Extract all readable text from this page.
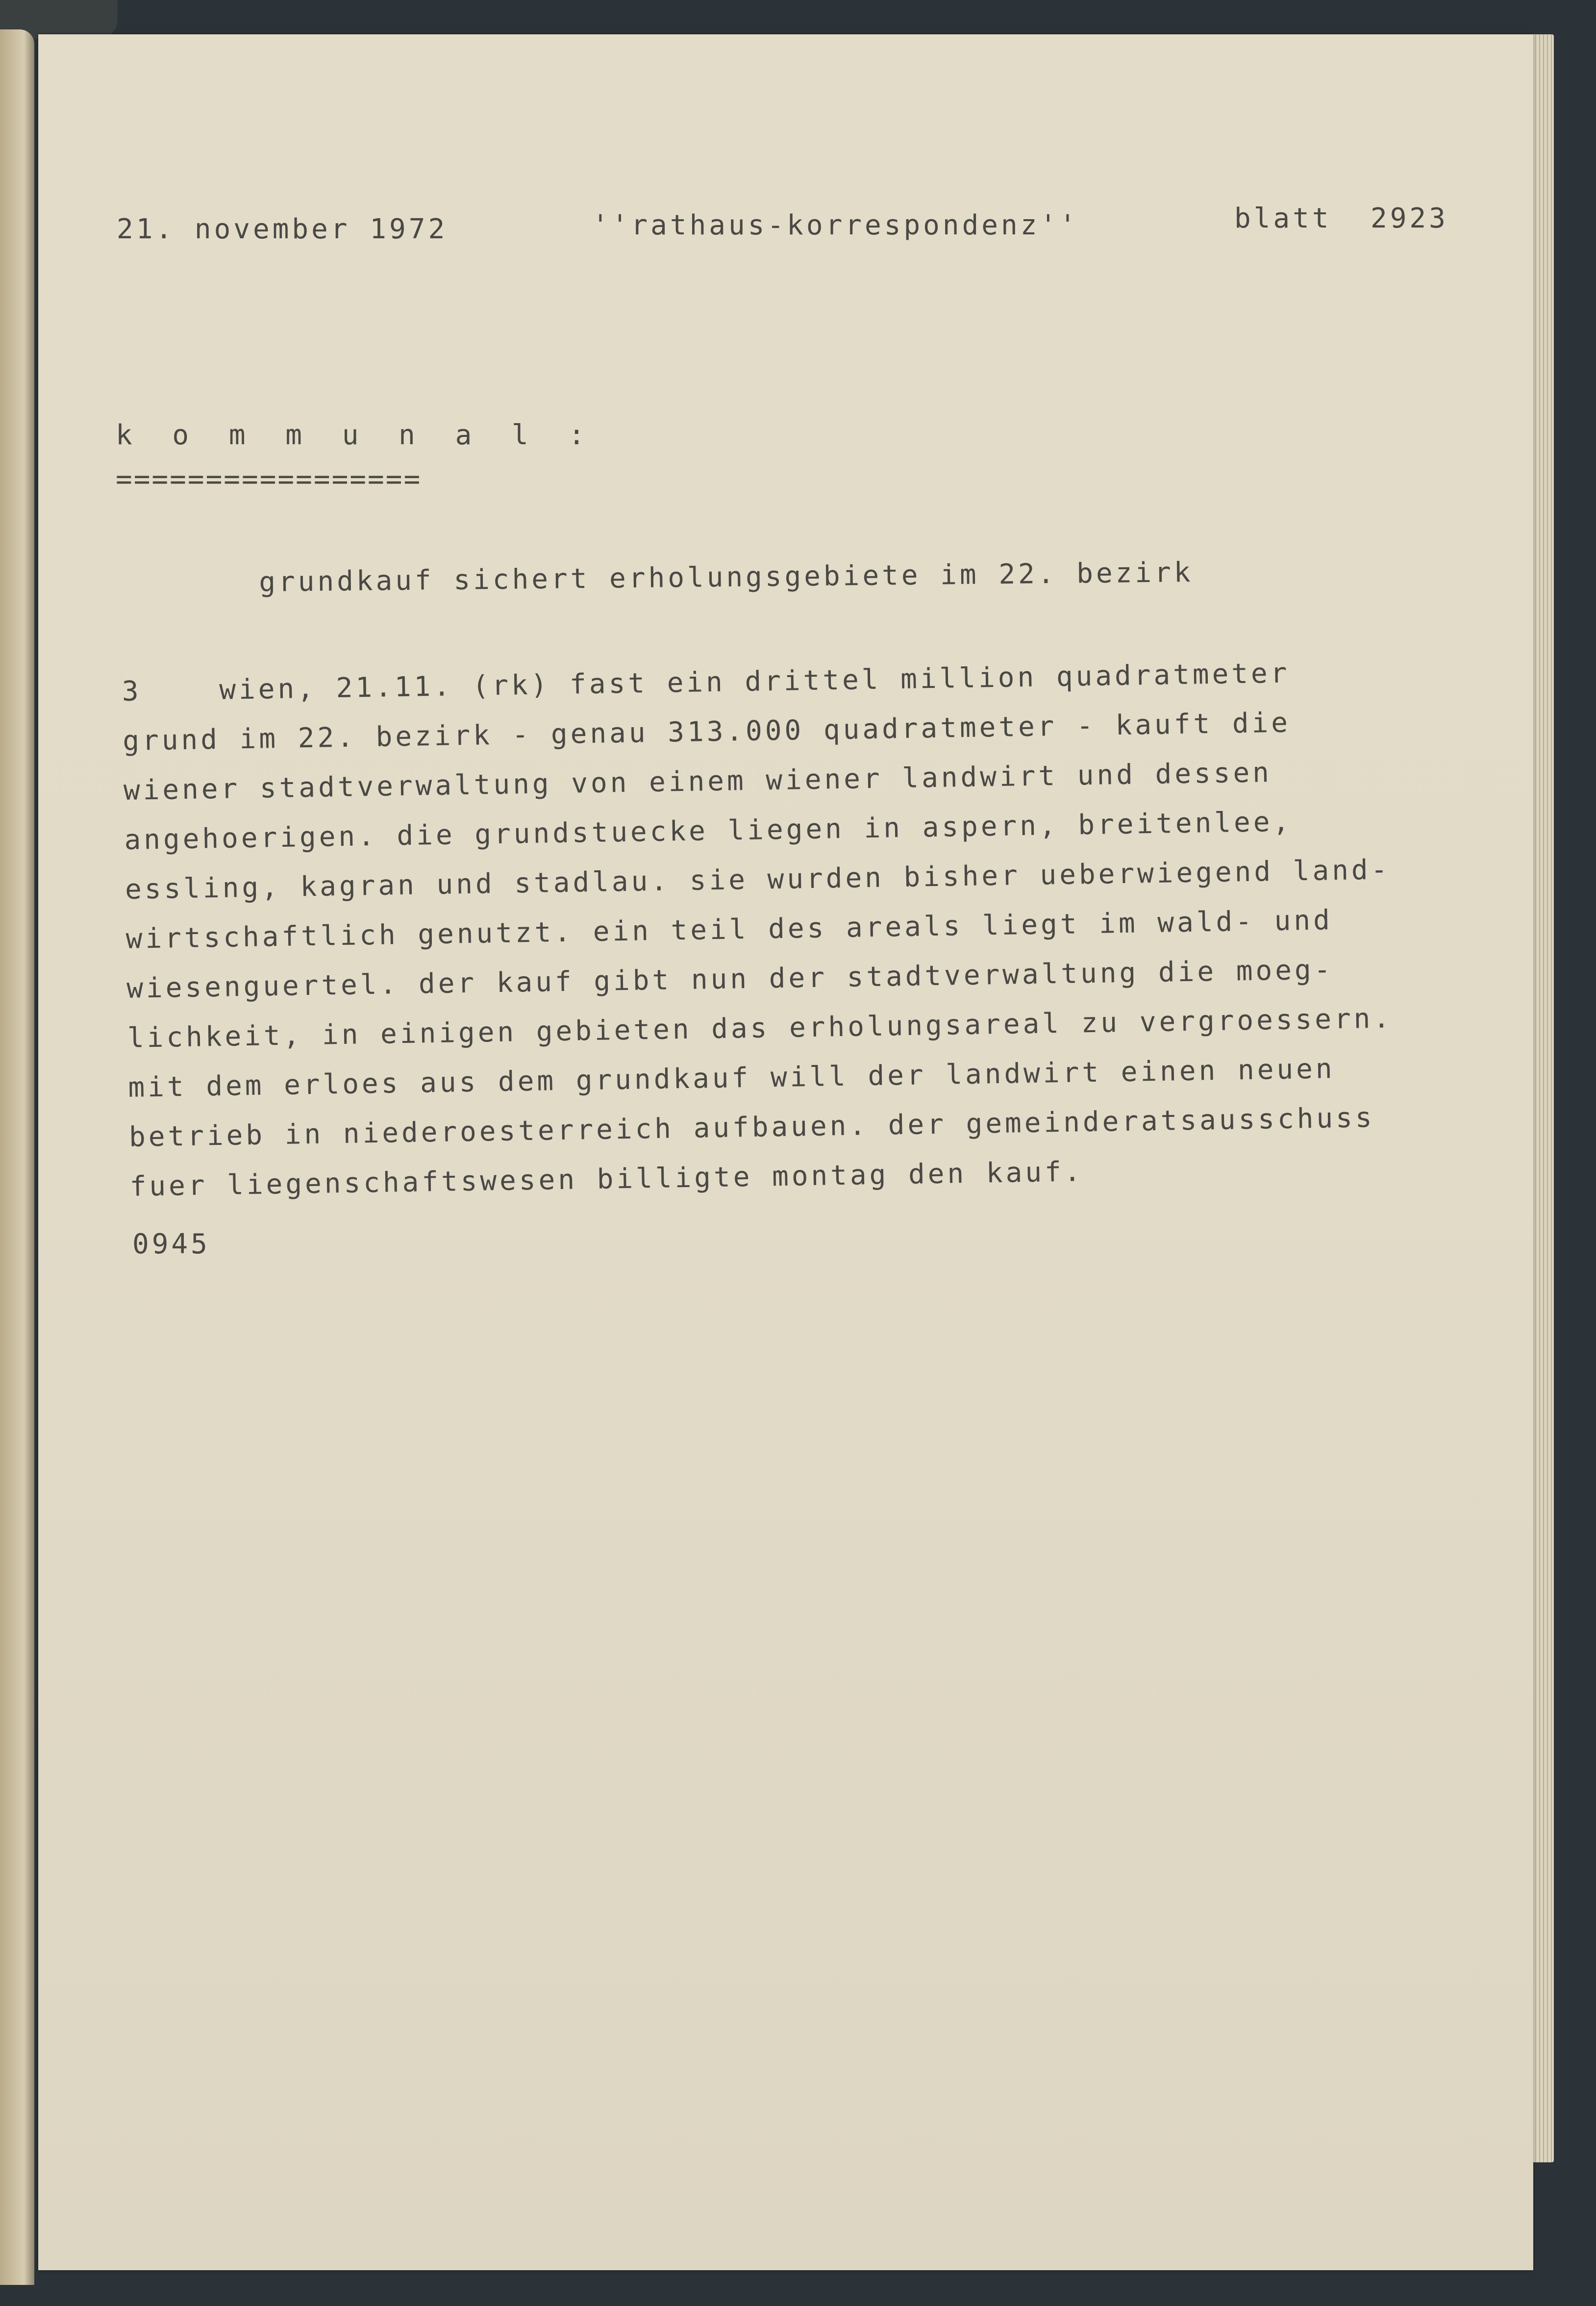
21. november 1972	''rathaus-korrespondenz''	blatt  2923
k o m m u n a l :
=================
grundkauf sichert erholungsgebiete im 22. bezirk
3    wien, 21.11. (rk) fast ein drittel million quadratmeter
grund im 22. bezirk - genau 313.000 quadratmeter - kauft die
wiener stadtverwaltung von einem wiener landwirt und dessen
angehoerigen. die grundstuecke liegen in aspern, breitenlee,
essling, kagran und stadlau. sie wurden bisher ueberwiegend land-
wirtschaftlich genutzt. ein teil des areals liegt im wald- und
wiesenguertel. der kauf gibt nun der stadtverwaltung die moeg-
lichkeit, in einigen gebieten das erholungsareal zu vergroessern.
mit dem erloes aus dem grundkauf will der landwirt einen neuen
betrieb in niederoesterreich aufbauen. der gemeinderatsausschuss
fuer liegenschaftswesen billigte montag den kauf.
0945
